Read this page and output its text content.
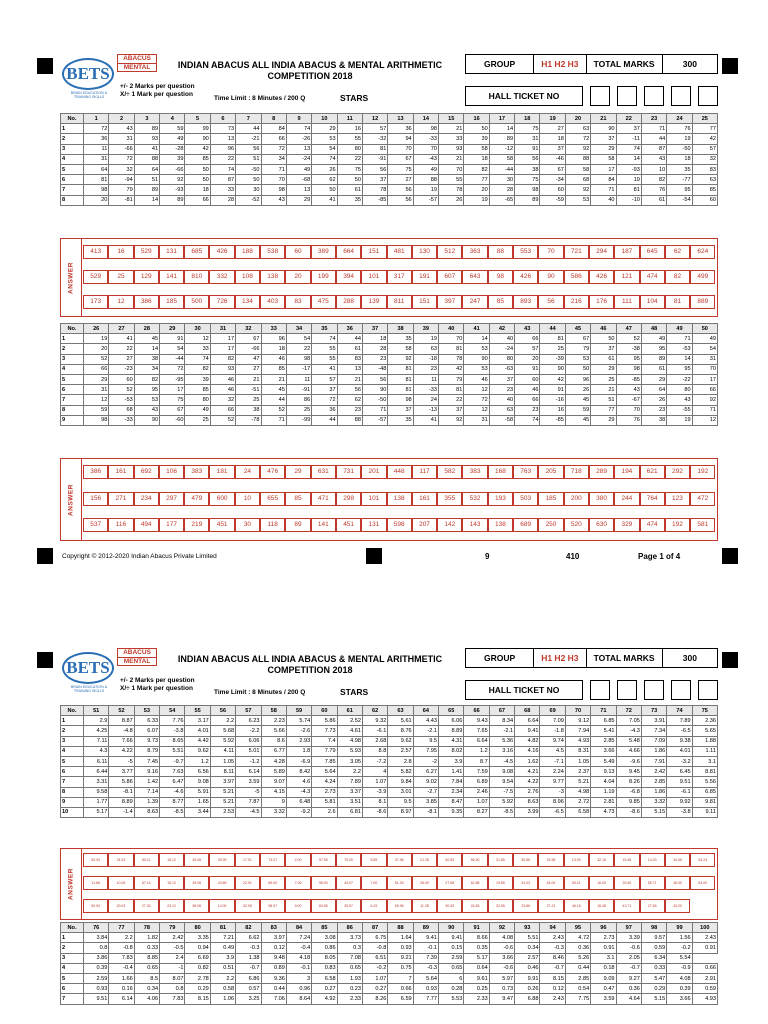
BETS
BRAIN EDUCATION & TRAINING SKILLS
ABACUS
MENTAL	INDIAN ABACUS ALL INDIA ABACUS & MENTAL ARITHMETIC COMPETITION 2018
+/- 2 Marks per question
X/÷ 1 Mark per question
Time Limit : 8 Minutes / 200 Q	STARS
GROUP	H1 H2 H3	TOTAL MARKS	300
HALL TICKET NO
No.	1	2	3	4	5	6	7	8	9	10	11	12	13	14	15	16	17	18	19	20	21	22	23	24	25
1	72	43	89	59	99	73	44	84	74	29	16	57	36	98	21	50	14	75	27	63	90	37	71	76	77
2	36	31	93	49	90	13	-21	66	-26	53	55	-32	94	-33	33	39	89	31	18	72	37	-11	44	19	42
3	11	-66	41	-28	42	96	56	72	13	54	80	81	70	70	93	58	-12	91	37	92	29	74	87	-50	57
4	31	72	88	39	85	22	51	34	-24	74	22	-91	67	-43	21	18	58	56	-46	88	58	14	43	18	32
5	64	32	64	-66	50	74	-50	71	49	26	75	56	75	49	70	82	-44	38	67	58	17	-93	10	35	83
6	81	-94	51	92	50	87	50	70	-68	62	50	37	27	88	55	77	30	75	-34	68	84	19	82	-77	63
7	98	79	89	-93	18	33	30	98	13	50	61	78	56	19	78	20	28	98	60	92	71	81	76	95	85
8	20	-81	14	89	66	28	-52	43	29	41	35	-85	56	-57	26	19	-65	89	-59	53	40	-10	61	-54	60
ANSWER
413	16	529	131	685	426	188	538	60	389	664	151	481	130	512	363	88	553	70	721	294	187	645	62	624
529	25	129	141	810	332	108	138	20	199	394	101	317	191	607	643	98	426	90	586	426	121	474	82	499
173	12	386	185	500	726	134	403	83	475	288	139	811	151	397	247	85	893	56	216	176	111	104	81	889
No.	26	27	28	29	30	31	32	33	34	35	36	37	38	39	40	41	42	43	44	45	46	47	48	49	50
1	19	41	45	91	12	17	67	96	54	74	44	18	35	19	70	14	40	66	81	67	50	52	49	71	49
2	20	22	14	54	33	17	-66	18	22	55	61	28	58	63	81	53	-24	57	25	79	37	-38	95	-53	54
3	52	27	38	-44	74	82	47	46	98	55	83	23	92	-18	78	90	80	20	-39	53	61	95	89	14	31
4	66	-23	34	72	82	93	27	85	-17	41	13	-48	81	23	42	53	-63	91	90	50	29	98	61	95	70
5	29	60	82	-95	39	46	21	21	11	57	21	56	81	11	79	46	37	60	42	96	25	-85	29	-22	17
6	31	52	95	17	85	46	-51	45	-91	37	56	90	81	-33	81	12	23	46	91	26	21	43	64	80	66
7	12	-53	53	75	80	32	25	44	86	72	62	-50	98	24	22	72	40	66	-16	45	51	-67	26	43	92
8	59	68	43	67	49	66	38	52	25	36	23	71	37	-13	37	12	63	23	16	59	77	70	23	-55	71
9	98	-33	90	-60	25	52	-78	71	-99	44	88	-57	35	41	92	31	-58	74	-85	45	29	76	38	19	12
ANSWER
386	161	692	106	383	181	24	476	29	631	731	201	448	117	582	383	168	763	205	718	289	194	621	292	192
156	271	234	297	479	600	10	655	85	471	298	101	138	161	355	532	193	503	185	200	380	244	764	123	472
537	116	494	177	219	451	30	118	89	141	451	131	598	207	142	143	138	689	250	520	630	329	474	192	581
Copyright © 2012-2020 Indian Abacus Private Limited	9	410	Page 1 of 4
BETS
BRAIN EDUCATION & TRAINING SKILLS
ABACUS
MENTAL	INDIAN ABACUS ALL INDIA ABACUS & MENTAL ARITHMETIC COMPETITION 2018
+/- 2 Marks per question
X/÷ 1 Mark per question
Time Limit : 8 Minutes / 200 Q	STARS
GROUP	H1 H2 H3	TOTAL MARKS	300
HALL TICKET NO
No.	51	52	53	54	55	56	57	58	59	60	61	62	63	64	65	66	67	68	69	70	71	72	73	74	75
1	2.9	8.87	6.33	7.76	3.17	2.2	6.23	2.23	5.74	5.86	2.52	9.32	5.61	4.43	6.06	9.43	8.34	6.64	7.09	9.12	6.85	7.05	3.91	7.89	2.36
2	4.25	-4.8	6.07	-3.8	4.01	5.68	-2.2	5.66	-2.6	7.73	4.61	-6.1	8.76	-2.1	8.89	7.65	-2.1	9.41	-1.8	7.94	5.41	-4.3	7.34	-6.5	5.65
3	7.11	7.66	9.73	8.65	4.42	5.92	6.06	8.6	2.93	7.4	4.98	2.68	9.62	9.5	4.31	6.64	5.36	4.82	9.74	4.93	2.85	5.48	7.09	9.38	1.88
4	4.3	4.22	8.79	5.51	9.62	4.11	5.01	6.77	1.8	7.79	5.93	8.8	2.57	7.95	8.02	1.2	3.16	4.16	4.5	8.31	3.66	4.66	1.86	4.01	1.11
5	6.11	-5	7.45	-9.7	1.2	1.05	-1.2	4.28	-6.9	7.85	3.05	-7.2	2.8	-2	3.9	8.7	-4.5	1.62	-7.1	1.05	5.49	-9.6	7.91	-3.2	3.1
6	6.44	3.77	9.16	7.63	6.56	8.11	6.14	5.89	8.42	5.64	2.2	4	5.82	6.27	1.41	7.59	9.08	4.21	2.24	2.37	9.13	9.45	2.42	6.45	8.81
7	3.31	5.86	1.42	6.47	9.08	3.97	3.59	9.07	4.6	4.24	7.89	1.07	9.84	9.02	7.84	6.89	9.54	4.22	9.77	5.21	4.04	8.26	2.85	9.51	5.56
8	9.58	-8.1	7.14	-4.6	5.91	5.21	-5	4.15	-4.3	2.73	3.37	-3.9	3.01	-2.7	2.34	2.46	-7.5	2.76	-3	4.98	1.19	-6.8	1.86	-6.1	6.85
9	1.77	8.89	1.39	8.77	1.65	5.21	7.87	9	6.48	5.81	3.51	8.1	9.5	3.85	8.47	1.07	5.92	8.63	8.96	2.72	2.81	9.85	3.32	9.92	9.81
10	5.17	-1.4	8.63	-8.5	3.44	2.53	-4.5	3.32	-9.2	2.6	6.81	-8.6	8.97	-8.1	9.35	8.27	-8.5	3.99	-6.5	6.58	4.73	-8.6	5.15	-3.8	9.11
ANSWER
50.94	24.03	50.11	18.12	49.06	39.99	17.01	73.07	2.00	57.55	75.00	5.85	37.96	21.28	60.59	56.90	31.85	50.86	15.98	13.00	32.15	15.48	14.00	34.65	54.24
11.68	10.05	67.14	18.12	49.06	43.89	22.01	89.00	7.06	98.00	44.07	7.00	51.33	26.00	27.58	62.85	19.85	91.03	44.00	53.21	16.00	29.40	55.71	16.00	64.00
50.94	20.03	27.33	23.12	89.06	14.00	32.08	58.97	9.00	69.55	39.57	6.15	69.96	11.28	90.39	24.83	32.95	23.86	27.21	46.16	15.48	43.71	27.65	43.20
No.	76	77	78	79	80	81	82	83	84	85	86	87	88	89	90	91	92	93	94	95	96	97	98	99	100
1	3.84	2.2	1.82	2.42	3.35	7.21	6.62	3.97	7.24	3.08	3.73	6.75	1.64	9.41	9.41	8.66	4.08	5.51	2.43	4.72	2.73	3.39	9.57	1.56	2.43
2	0.8	-0.8	0.33	-0.5	0.94	0.49	-0.3	0.12	-0.4	0.86	0.3	-0.8	0.93	-0.1	0.15	0.35	-0.6	0.34	-0.3	0.36	0.91	-0.6	0.59	-0.2	0.91
3	3.86	7.83	8.85	2.4	6.69	3.9	1.38	9.48	4.18	8.05	7.08	6.51	9.21	7.39	2.59	5.17	3.66	2.57	8.46	5.26	3.1	2.05	6.34	5.54	
4	0.39	-0.4	0.65	-1	0.82	0.51	-0.7	0.89	-0.1	0.83	0.65	-0.2	0.75	-0.3	0.65	0.64	-0.6	0.46	-0.7	0.44	0.18	-0.7	0.33	-0.9	0.66
5	2.59	1.66	8.5	8.07	2.78	2.2	6.86	9.36	3	6.58	1.93	1.07	7	5.64	6	9.61	5.97	9.91	8.15	2.85	9.09	9.27	5.47	4.08	2.91
6	0.93	0.16	0.34	0.8	0.29	0.58	0.57	0.44	0.96	0.27	0.23	0.27	0.66	0.93	0.28	0.25	0.73	0.26	0.12	0.54	0.47	0.36	0.29	0.39	0.59
7	9.51	6.14	4.06	7.83	8.15	1.06	3.25	7.06	8.64	4.92	2.33	8.26	6.59	7.77	5.53	2.33	9.47	6.88	2.43	7.75	3.59	4.64	5.15	3.66	4.93
